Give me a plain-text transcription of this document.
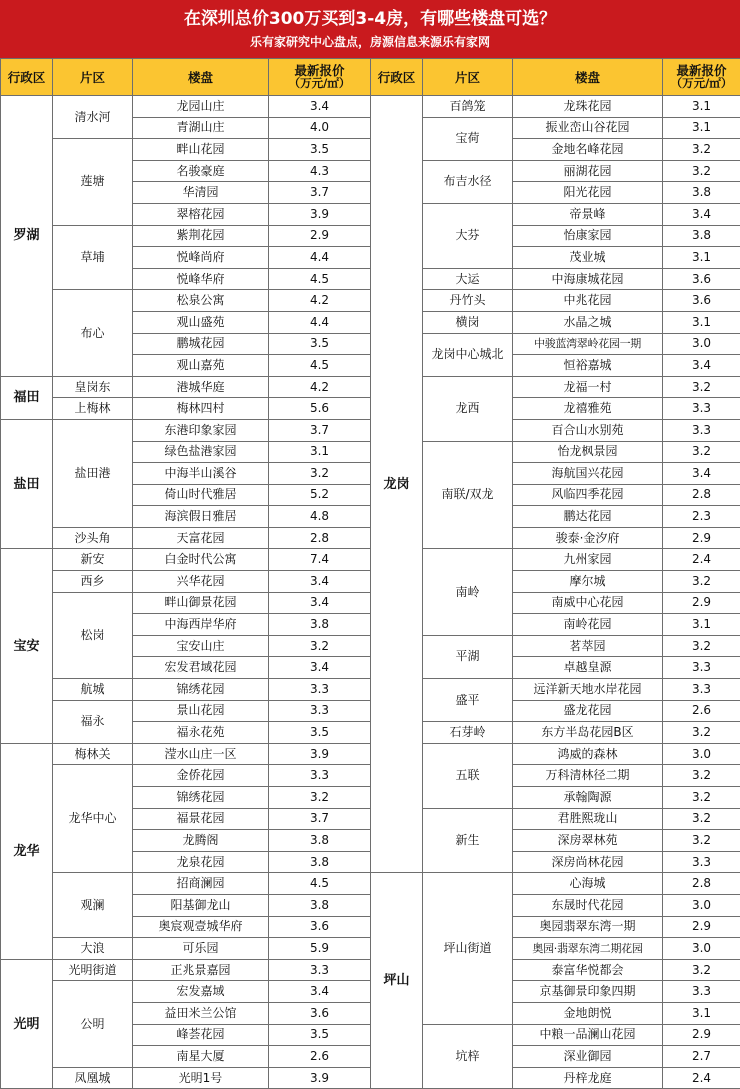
在深圳总价300万买到3-4房，有哪些楼盘可选？
乐有家研究中心盘点，房源信息来源乐有家网
行政区	片区	楼盘	最新报价
（万元/㎡）

罗湖	清水河	龙园山庄	3.4
		青湖山庄	4.0
	莲塘	畔山花园	3.5
		名骏豪庭	4.3
		华清园	3.7
		翠榕花园	3.9
	草埔	紫荆花园	2.9
		悦峰尚府	4.4
		悦峰华府	4.5
	布心	松泉公寓	4.2
		观山盛苑	4.4
		鹏城花园	3.5
		观山嘉苑	4.5
福田	皇岗东	港城华庭	4.2
	上梅林	梅林四村	5.6
盐田	盐田港	东港印象家园	3.7
		绿色盐港家园	3.1
		中海半山溪谷	3.2
		倚山时代雅居	5.2
		海滨假日雅居	4.8
	沙头角	天富花园	2.8
宝安	新安	白金时代公寓	7.4
	西乡	兴华花园	3.4
	松岗	畔山御景花园	3.4
		中海西岸华府	3.8
		宝安山庄	3.2
		宏发君域花园	3.4
	航城	锦绣花园	3.3
	福永	景山花园	3.3
		福永花苑	3.5
龙华	梅林关	滢水山庄一区	3.9
	龙华中心	金侨花园	3.3
		锦绣花园	3.2
		福景花园	3.7
		龙腾阁	3.8
		龙泉花园	3.8
	观澜	招商澜园	4.5
		阳基御龙山	3.8
		奥宸观壹城华府	3.6
	大浪	可乐园	5.9
光明	光明街道	正兆景嘉园	3.3
	公明	宏发嘉域	3.4
		益田米兰公馆	3.6
		峰荟花园	3.5
		南星大厦	2.6
	凤凰城	光明1号	3.9
行政区	片区	楼盘	最新报价
（万元/㎡）

龙岗	百鸽笼	龙珠花园	3.1
	宝荷	振业峦山谷花园	3.1
		金地名峰花园	3.2
	布吉水径	丽湖花园	3.2
		阳光花园	3.8
	大芬	帝景峰	3.4
		怡康家园	3.8
		茂业城	3.1
	大运	中海康城花园	3.6
	丹竹头	中兆花园	3.6
	横岗	水晶之城	3.1
	龙岗中心城北	中骏蓝湾翠岭花园一期	3.0
		恒裕嘉城	3.4
	龙西	龙福一村	3.2
		龙禧雅苑	3.3
		百合山水别苑	3.3
	南联/双龙	怡龙枫景园	3.2
		海航国兴花园	3.4
		风临四季花园	2.8
		鹏达花园	2.3
		骏泰·金汐府	2.9
	南岭	九州家园	2.4
		摩尔城	3.2
		南威中心花园	2.9
		南岭花园	3.1
	平湖	茗萃园	3.2
		卓越皇源	3.3
	盛平	远洋新天地水岸花园	3.3
		盛龙花园	2.6
	石芽岭	东方半岛花园B区	3.2
	五联	鸿威的森林	3.0
		万科清林径二期	3.2
		承翰陶源	3.2
	新生	君胜熙珑山	3.2
		深房翠林苑	3.2
		深房尚林花园	3.3
坪山	坪山街道	心海城	2.8
		东晟时代花园	3.0
		奥园翡翠东湾一期	2.9
		奥园·翡翠东湾二期花园	3.0
		泰富华悦都会	3.2
		京基御景印象四期	3.3
		金地朗悦	3.1
	坑梓	中粮一品澜山花园	2.9
		深业御园	2.7
		丹梓龙庭	2.4
